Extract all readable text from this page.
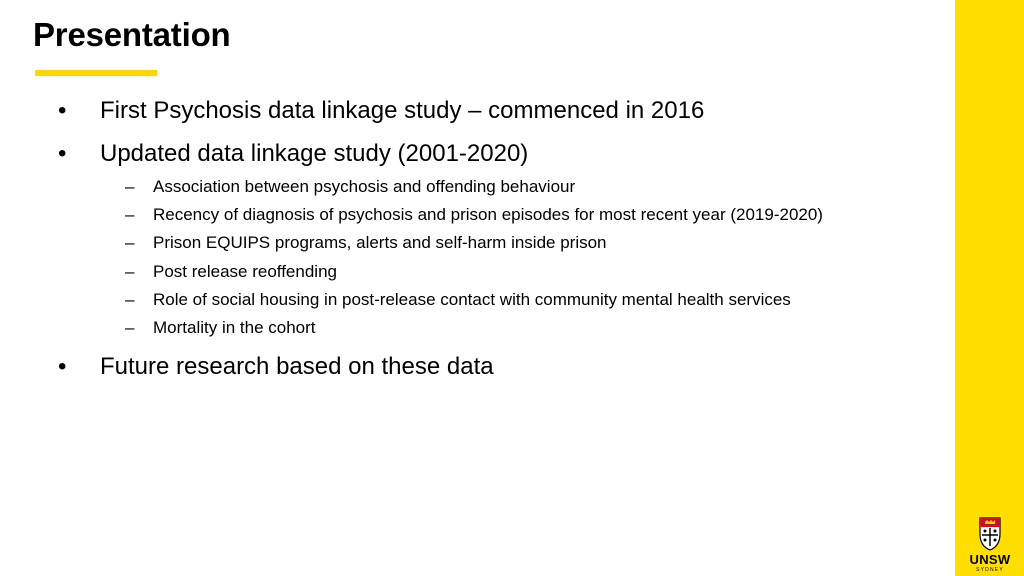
Presentation
•	First Psychosis data linkage study – commenced in 2016
•	Updated data linkage study (2001-2020)
– Association between psychosis and offending behaviour
– Recency of diagnosis of psychosis and prison episodes for most recent year (2019-2020)
– Prison EQUIPS programs, alerts and self-harm inside prison
– Post release reoffending
– Role of social housing in post-release contact with community mental health services
– Mortality in the cohort
•	Future research based on these data
UNSW
SYDNEY
